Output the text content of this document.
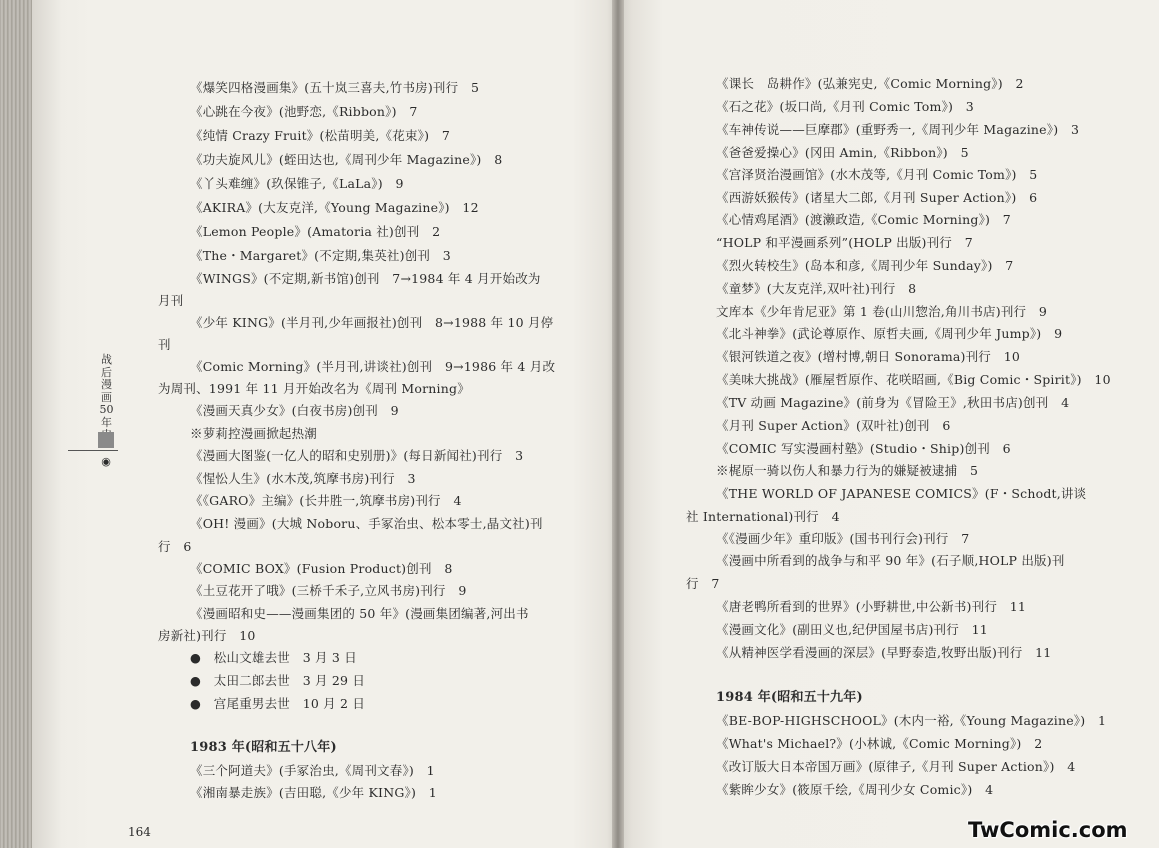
战后漫画50年
◉
《爆笑四格漫画集》(五十岚三喜夫,竹书房)刊行　5
《心跳在今夜》(池野恋,《Ribbon》)　7
《纯情 Crazy Fruit》(松苗明美,《花束》)　7
《功夫旋风儿》(蛭田达也,《周刊少年 Magazine》)　8
《丫头难缠》(玖保锥子,《LaLa》)　9
《AKIRA》(大友克洋,《Young Magazine》)　12
《Lemon People》(Amatoria 社)创刊　2
《The・Margaret》(不定期,集英社)创刊　3
《WINGS》(不定期,新书馆)创刊　7→1984 年 4 月开始改为
月刊
《少年 KING》(半月刊,少年画报社)创刊　8→1988 年 10 月停
刊
《Comic Morning》(半月刊,讲谈社)创刊　9→1986 年 4 月改
为周刊、1991 年 11 月开始改名为《周刊 Morning》
《漫画天真少女》(白夜书房)创刊　9
※萝莉控漫画掀起热潮
《漫画大图鉴(一亿人的昭和史别册)》(每日新闻社)刊行　3
《惺忪人生》(水木茂,筑摩书房)刊行　3
《《GARO》主编》(长井胜一,筑摩书房)刊行　4
《OH! 漫画》(大城 Noboru、手冢治虫、松本零士,晶文社)刊
行　6
《COMIC BOX》(Fusion Product)创刊　8
《土豆花开了哦》(三桥千禾子,立风书房)刊行　9
《漫画昭和史——漫画集团的 50 年》(漫画集团编著,河出书
房新社)刊行　10
●　松山文雄去世　3 月 3 日
●　太田二郎去世　3 月 29 日
●　宫尾重男去世　10 月 2 日
1983 年(昭和五十八年)
《三个阿道夫》(手冢治虫,《周刊文春》)　1
《湘南暴走族》(吉田聪,《少年 KING》)　1
164
《课长　岛耕作》(弘兼宪史,《Comic Morning》)　2
《石之花》(坂口尚,《月刊 Comic Tom》)　3
《车神传说——巨摩郡》(重野秀一,《周刊少年 Magazine》)　3
《爸爸爱操心》(冈田 Amin,《Ribbon》)　5
《宫泽贤治漫画馆》(水木茂等,《月刊 Comic Tom》)　5
《西游妖猴传》(诸星大二郎,《月刊 Super Action》)　6
《心情鸡尾酒》(渡濑政造,《Comic Morning》)　7
“HOLP 和平漫画系列”(HOLP 出版)刊行　7
《烈火转校生》(岛本和彦,《周刊少年 Sunday》)　7
《童梦》(大友克洋,双叶社)刊行　8
文库本《少年肯尼亚》第 1 卷(山川惣治,角川书店)刊行　9
《北斗神拳》(武论尊原作、原哲夫画,《周刊少年 Jump》)　9
《银河铁道之夜》(增村博,朝日 Sonorama)刊行　10
《美味大挑战》(雁屋哲原作、花咲昭画,《Big Comic・Spirit》)　10
《TV 动画 Magazine》(前身为《冒险王》,秋田书店)创刊　4
《月刊 Super Action》(双叶社)创刊　6
《COMIC 写实漫画村塾》(Studio・Ship)创刊　6
※梶原一骑以伤人和暴力行为的嫌疑被逮捕　5
《THE WORLD OF JAPANESE COMICS》(F・Schodt,讲谈
社 International)刊行　4
《《漫画少年》重印版》(国书刊行会)刊行　7
《漫画中所看到的战争与和平 90 年》(石子顺,HOLP 出版)刊
行　7
《唐老鸭所看到的世界》(小野耕世,中公新书)刊行　11
《漫画文化》(副田义也,纪伊国屋书店)刊行　11
《从精神医学看漫画的深层》(早野泰造,牧野出版)刊行　11
1984 年(昭和五十九年)
《BE-BOP-HIGHSCHOOL》(木内一裕,《Young Magazine》)　1
《What's Michael?》(小林诚,《Comic Morning》)　2
《改订版大日本帝国万画》(原律子,《月刊 Super Action》)　4
《紫眸少女》(筱原千绘,《周刊少女 Comic》)　4
TwComic.com
